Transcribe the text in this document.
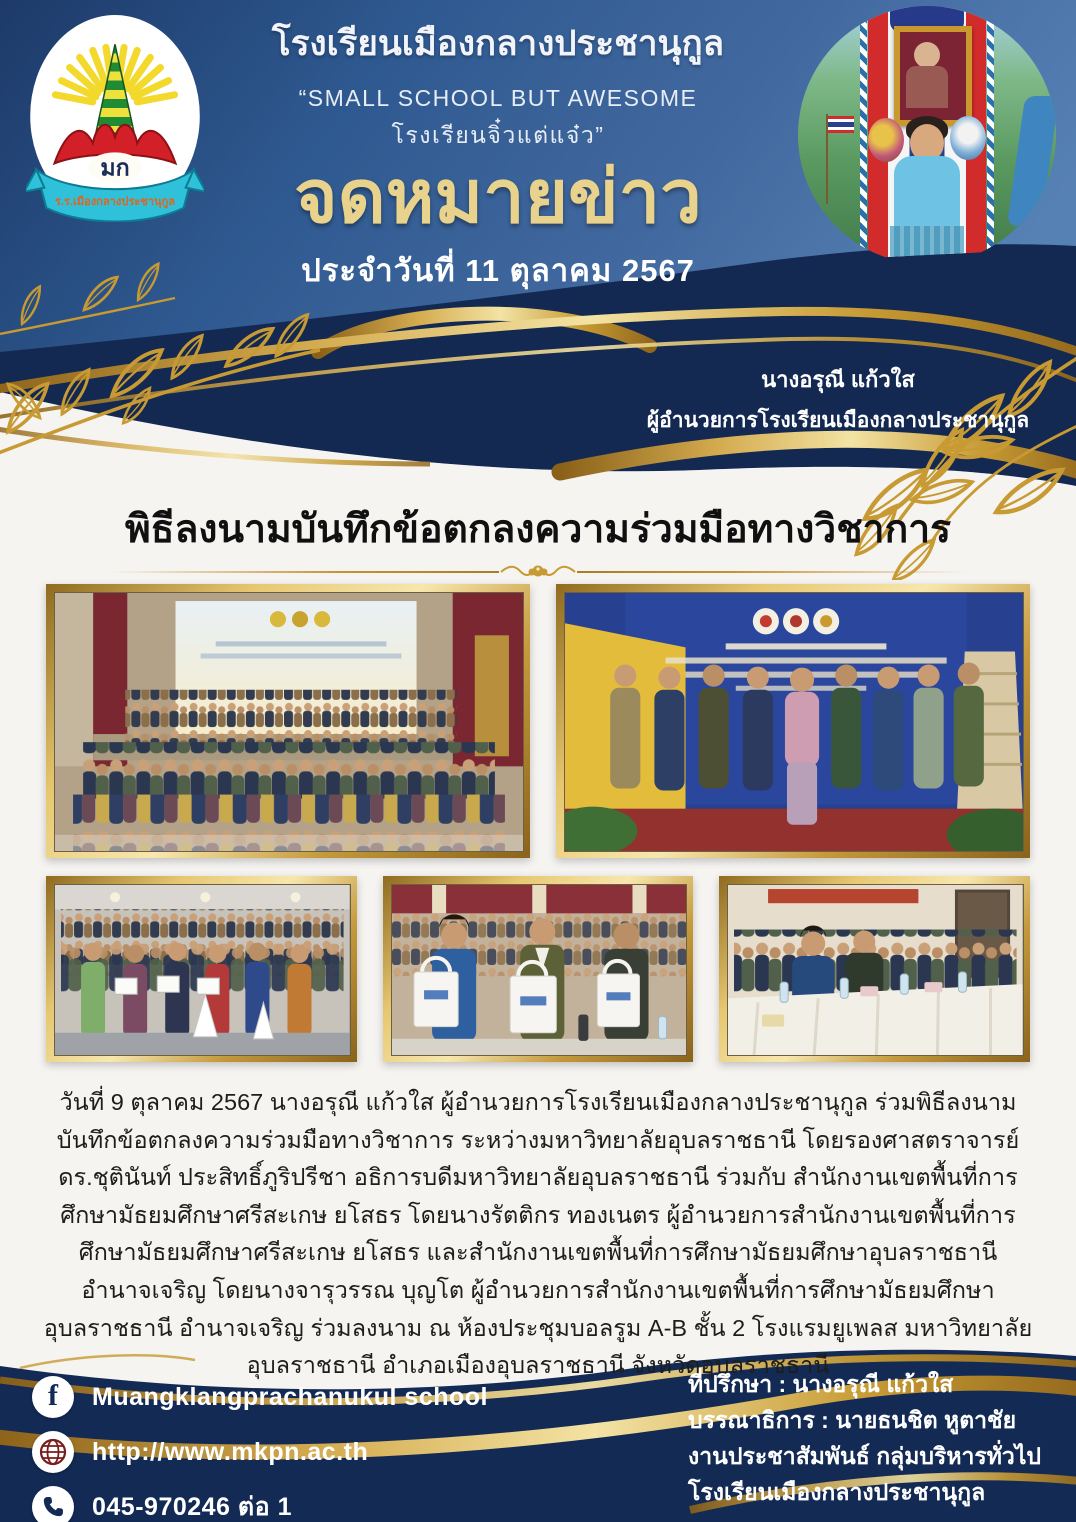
มก
ร.ร.เมืองกลางประชานุกูล
โรงเรียนเมืองกลางประชานุกูล
“SMALL SCHOOL BUT AWESOME
โรงเรียนจิ๋วแต่แจ๋ว”
จดหมายข่าว
ประจำวันที่ 11 ตุลาคม 2567
นางอรุณี แก้วใส
ผู้อำนวยการโรงเรียนเมืองกลางประชานุกูล
พิธีลงนามบันทึกข้อตกลงความร่วมมือทางวิชาการ
วันที่ 9 ตุลาคม 2567 นางอรุณี แก้วใส ผู้อำนวยการโรงเรียนเมืองกลางประชานุกูล ร่วมพิธีลงนามบันทึกข้อตกลงความร่วมมือทางวิชาการ ระหว่างมหาวิทยาลัยอุบลราชธานี โดยรองศาสตราจารย์ ดร.ชุตินันท์ ประสิทธิ์ภูริปรีชา อธิการบดีมหาวิทยาลัยอุบลราชธานี ร่วมกับ สำนักงานเขตพื้นที่การศึกษามัธยมศึกษาศรีสะเกษ ยโสธร โดยนางรัตติกร ทองเนตร ผู้อำนวยการสำนักงานเขตพื้นที่การศึกษามัธยมศึกษาศรีสะเกษ ยโสธร และสำนักงานเขตพื้นที่การศึกษามัธยมศึกษาอุบลราชธานี อำนาจเจริญ โดยนางจารุวรรณ บุญโต ผู้อำนวยการสำนักงานเขตพื้นที่การศึกษามัธยมศึกษาอุบลราชธานี อำนาจเจริญ ร่วมลงนาม ณ ห้องประชุมบอลรูม A-B ชั้น 2 โรงแรมยูเพลส มหาวิทยาลัยอุบลราชธานี อำเภอเมืองอุบลราชธานี จังหวัดอุบลราชธานี
f Muangklangprachanukul school
http://www.mkpn.ac.th
045-970246 ต่อ 1
ที่ปรึกษา : นางอรุณี แก้วใส
บรรณาธิการ : นายธนชิต หูตาชัย
งานประชาสัมพันธ์ กลุ่มบริหารทั่วไป
โรงเรียนเมืองกลางประชานุกูล
